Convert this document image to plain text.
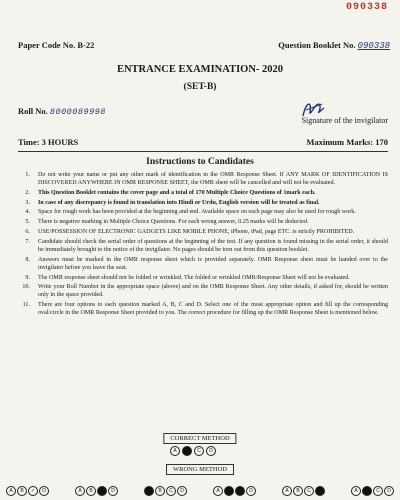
090338
Paper Code No. B-22	Question Booklet No. 090338
ENTRANCE EXAMINATION- 2020
(SET-B)
Roll No. 8000089998
Signature of the invigilator
Time: 3 HOURS	Maximum Marks: 170
Instructions to Candidates
1. Do not write your name or put any other mark of identification in the OMR Response Sheet. If ANY MARK OF IDENTIFICATION IS DISCOVERED ANYWHERE IN OMR RESPONSE SHEET, the OMR sheet will be cancelled and will not be evaluated.
2. This Question Booklet contains the cover page and a total of 170 Multiple Choice Questions of 1mark each.
3. In case of any discrepancy is found in translation into Hindi or Urdu, English version will be treated as final.
4. Space for rough work has been provided at the beginning and end. Available space on each page may also be used for rough work.
5. There is negative marking in Multiple Choice Questions. For each wrong answer, 0.25 marks will be deducted.
6. USE/POSSESSION OF ELECTRONIC GADGETS LIKE MOBILE PHONE, iPhone, iPad, page ETC. is strictly PROHIBITED.
7. Candidate should check the serial order of questions at the beginning of the test. If any question is found missing in the serial order, it should be immediately brought to the notice of the invigilator. No pages should be torn out from this question booklet.
8. Answers must be marked in the OMR response sheet which is provided separately. OMR Response sheet must be handed over to the invigilator before you leave the seat.
9. The OMR response sheet should not be folded or wrinkled. The folded or wrinkled OMR/Response Sheet will not be evaluated.
10. Write your Roll Number in the appropriate space (above) and on the OMR Response Sheet. Any other details, if asked for, should be written only in the space provided.
11. There are four options to each question marked A, B, C and D. Select one of the most appropriate option and fill up the corresponding oval/circle in the OMR Response Sheet provided to you. The correct procedure for filling up the OMR Response Sheet is mentioned below.
CORRECT METHOD
A	B	C	D
WRONG METHOD
A	B	✓	D	A	B	C	D	A	B	C	D	A	B	C	D	A	B	C	D	A	B	C	D
